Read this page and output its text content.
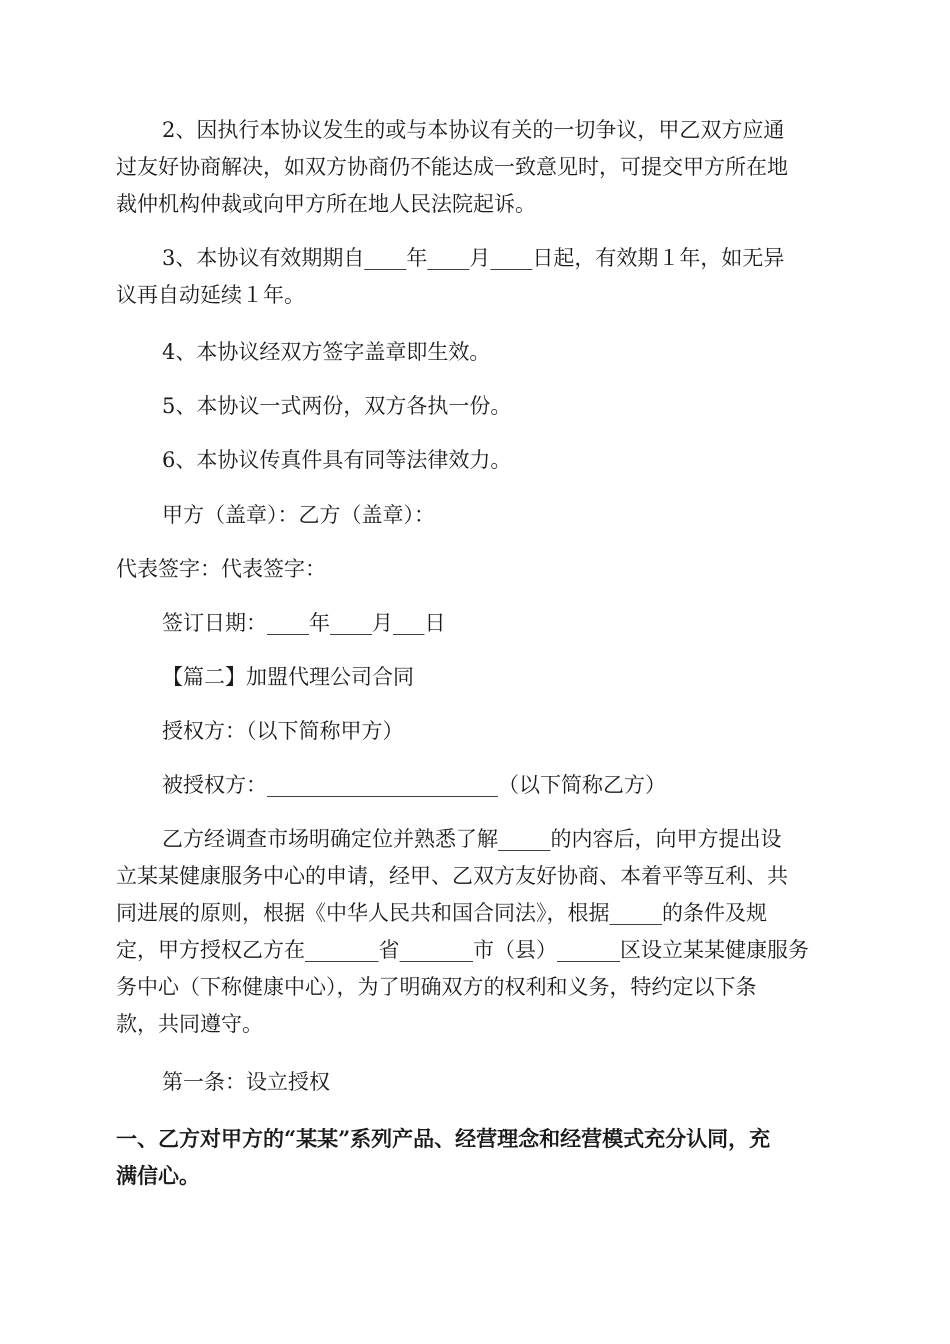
2、因执行本协议发生的或与本协议有关的一切争议，甲乙双方应通
过友好协商解决，如双方协商仍不能达成一致意见时，可提交甲方所在地
裁仲机构仲裁或向甲方所在地人民法院起诉。
3、本协议有效期期自____年____月____日起，有效期１年，如无异
议再自动延续１年。
4、本协议经双方签字盖章即生效。
5、本协议一式两份，双方各执一份。
6、本协议传真件具有同等法律效力。
甲方（盖章）：乙方（盖章）：
代表签字：代表签字：
签订日期：____年____月___日
【篇二】加盟代理公司合同
授权方：（以下简称甲方）
被授权方：______________________（以下简称乙方）
乙方经调查市场明确定位并熟悉了解_____的内容后，向甲方提出设
立某某健康服务中心的申请，经甲、乙双方友好协商、本着平等互利、共
同进展的原则，根据《中华人民共和国合同法》，根据_____的条件及规
定，甲方授权乙方在_______省_______市（县）______区设立某某健康服务
务中心（下称健康中心），为了明确双方的权利和义务，特约定以下条
款，共同遵守。
第一条：设立授权
一、乙方对甲方的“某某”系列产品、经营理念和经营模式充分认同，充
满信心。
